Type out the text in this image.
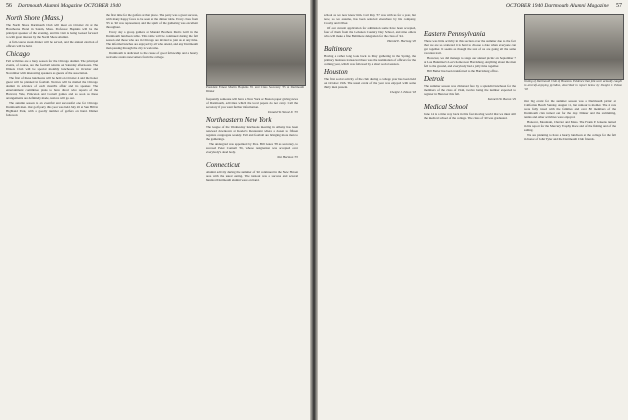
56 Dartmouth Alumni Magazine OCTOBER 1940
North Shore (Mass.)

The North Shore Dartmouth Club will meet on October 24 at the Hawthorne Hotel in Salem, Mass. Professor Hopkins will be the principal speaker of the evening, and his visit is being looked forward to with great interest by the North Shore Alumni.

A full-course steak dinner will be served, and the annual election of officers will be held.

Chicago

Fall activities are a busy season for the Chicago alumni. The principal events, of course, are the football returns on Saturday afternoons. The Illinois Club will be special monthly luncheons in October and November with interesting speakers as guests of the association.

The first of these luncheons will be held on October 4 and the honor guest will be planned in football. Notices will be mailed the Chicago alumni in advance of each month's affair and its speaker. The entertainment committee plans to have direct wire reports of the Harvard, Yale, Princeton and Cornell games and as soon as these arrangements are definitely made, notices will go out.

The autumn season is an eventful and successful one for Chicago Dartmouth men. Our golf party this year was held July 26 at Sun Hill in Highland Park, with a goodly number of golfers on hand. Dinner followed.

the first time for the golfers at that place. The party was a great success, with many happy faces to be seen at the dinner table. Every class from '05 to '40 was represented, and the spirit of the gathering was excellent throughout.

Every day a group gathers at Mandel Brothers Men's Grill in the Dartmouth luncheon table. This table will be continued during the fall season and those who are in Chicago are invited to join us at any time. The informal lunches are enjoyed by all who attend, and any Dartmouth man passing through the city is welcome.

Dartmouth is dedicated to the cause of good fellowship and a hearty welcome awaits newcomers from the college.

President Ernest Martin Hopkins '01 and Class Secretary '35 at Dartmouth Dinner

frequently someone will have a New York or Boston paper giving news of Dartmouth, activities which the local papers do not carry. Call the secretary if you want further information.

Donald W. Wood Jr. '35

Northeastern New York

The league of the Wednesday luncheons meeting in Albany has been renewed downtown at Keeler's Restaurant where a dozen to fifteen regulars congregate weekly. Fall and football are bringing more men to the gatherings.

The undergrad was appointed by Pres. Bill Gates '38 as secretary, to succeed Peter Connell '36, whose resignation was accepted over everybody's dead body.

Nat Harmon '35

Connecticut

Alumni activity during the summer of '40 continued in the New Haven area with the usual outing. The turnout was a success and several hundred Dartmouth alumni were on hand.

OCTOBER 1940 Dartmouth Alumni Magazine 57

school as we now know him. Carl Ray '37 was with us for a year, but now, so we assume, has been selected elsewhere by his company, Crosby and Oliver.

Of our current application for admission some have been accepted, four of them from the Lebanon Country Day School, and nine others who will make a fine Baltimore delegation for the class of '44.

Harold E. Hartwig '20

Baltimore

Having a rather long look back to May gathering in the Spring, the primary business transacted there was the nomination of officers for the coming year, which was followed by a short social session.

Houston

The first social activity of the club during a college year has been held on October 19th. The usual event of the year was enjoyed with some thirty men present.

Dwight J. Edson '18

Eastern Pennsylvania

There was little activity in this section over the summer due to the fact that we are so scattered it is hard to choose a date when everyone can get together. It seems as though the rest of us are going all the same vacation trail.

However, we did manage to stage our annual picnic on September 7 at Lou Bunnitzer's Lee's home near Harrisburg. Anything about the men fell to the ground, and everybody had a jolly time together.

Bill Butler has been transferred to the Harrisburg office.

Detroit

The summer season was climaxed fare by a splendid luncheon for the members of the class of 1944, twelve being the number expected to register in Hanover this fall.

Kenneth W. Bacon '29

Medical School

June 14 is a time way back in this fast moving world that we must still the medical school of the college. The class of '40 was graduated.

Outing of Dartmouth Club of Houston. Evidence that folk were actually caught in aircraft-enjoying pyridine, described in report below by Dwight J. Edson '18

Our big event for the summer season was a Dartmouth picnic at California Beach Sunday, August 11, but rumour is mother. The 4 cars were fully taxed with the families and over 80 members of the Dartmouth clan turned out for the day. Dinner and the swimming, tennis and other activities were enjoyed.

Hanover, Mountain, Cheviot and Mass. The Frank P. Jensens turned in his report for the Mercury Trophy Race and of the fishing and of the sailing.

We are planning to have a hearty luncheon at the college for the fall in honor of John Tyler and the Dartmouth Club friends.
